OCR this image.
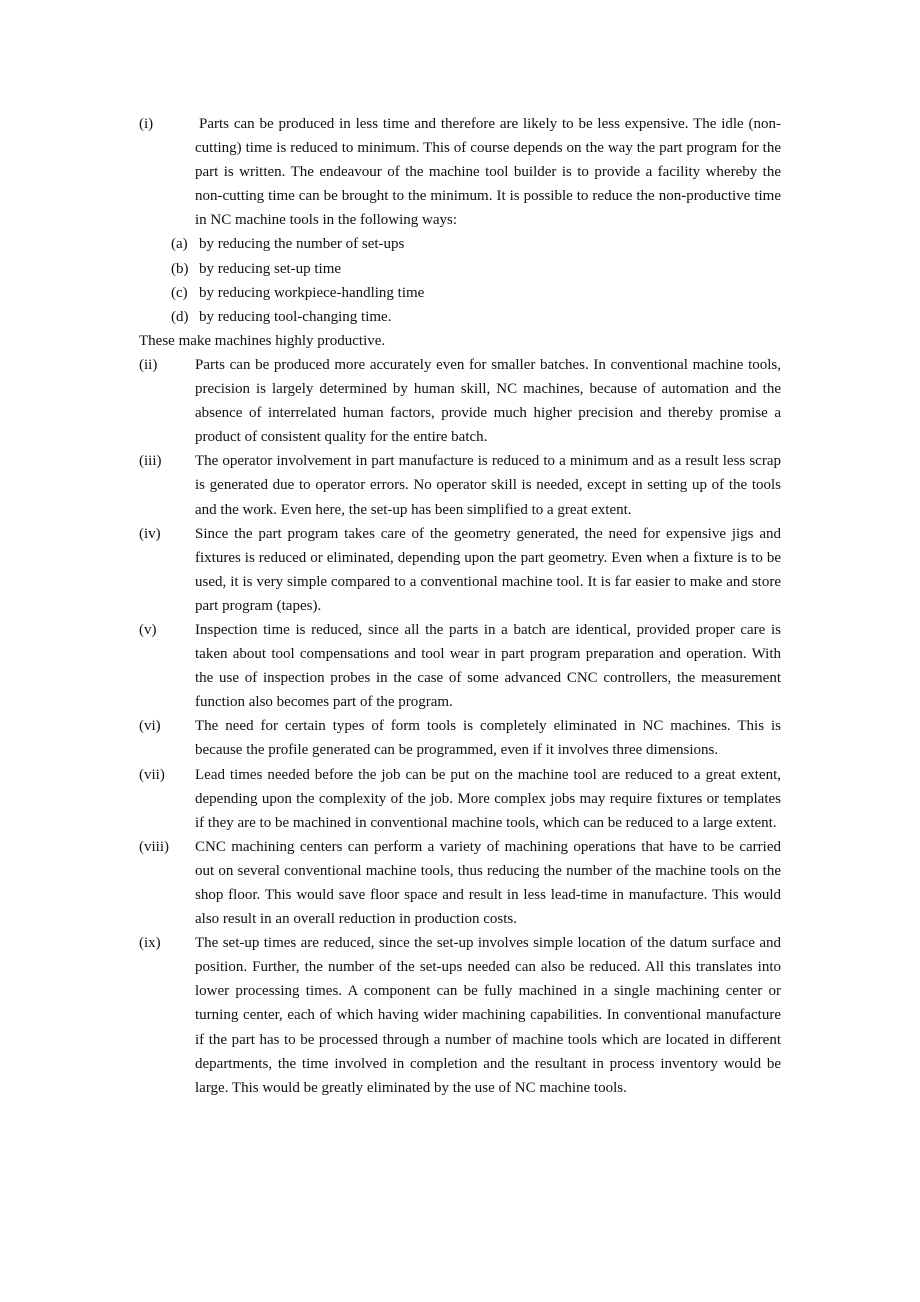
(i)	Parts can be produced in less time and therefore are likely to be less expensive. The idle (non-cutting) time is reduced to minimum. This of course depends on the way the part program for the part is written. The endeavour of the machine tool builder is to provide a facility whereby the non-cutting time can be brought to the minimum. It is possible to reduce the non-productive time in NC machine tools in the following ways:
(a) by reducing the number of set-ups
(b) by reducing set-up time
(c) by reducing workpiece-handling time
(d) by reducing tool-changing time.
These make machines highly productive.
(ii)	Parts can be produced more accurately even for smaller batches. In conventional machine tools, precision is largely determined by human skill, NC machines, because of automation and the absence of interrelated human factors, provide much higher precision and thereby promise a product of consistent quality for the entire batch.
(iii) The operator involvement in part manufacture is reduced to a minimum and as a result less scrap is generated due to operator errors. No operator skill is needed, except in setting up of the tools and the work. Even here, the set-up has been simplified to a great extent.
(iv) Since the part program takes care of the geometry generated, the need for expensive jigs and fixtures is reduced or eliminated, depending upon the part geometry. Even when a fixture is to be used, it is very simple compared to a conventional machine tool. It is far easier to make and store part program (tapes).
(v)	Inspection time is reduced, since all the parts in a batch are identical, provided proper care is taken about tool compensations and tool wear in part program preparation and operation. With the use of inspection probes in the case of some advanced CNC controllers, the measurement function also becomes part of the program.
(vi) The need for certain types of form tools is completely eliminated in NC machines. This is because the profile generated can be programmed, even if it involves three dimensions.
(vii) Lead times needed before the job can be put on the machine tool are reduced to a great extent, depending upon the complexity of the job. More complex jobs may require fixtures or templates if they are to be machined in conventional machine tools, which can be reduced to a large extent.
(viii) CNC machining centers can perform a variety of machining operations that have to be carried out on several conventional machine tools, thus reducing the number of the machine tools on the shop floor. This would save floor space and result in less lead-time in manufacture. This would also result in an overall reduction in production costs.
(ix) The set-up times are reduced, since the set-up involves simple location of the datum surface and position. Further, the number of the set-ups needed can also be reduced. All this translates into lower processing times. A component can be fully machined in a single machining center or turning center, each of which having wider machining capabilities. In conventional manufacture if the part has to be processed through a number of machine tools which are located in different departments, the time involved in completion and the resultant in process inventory would be large. This would be greatly eliminated by the use of NC machine tools.
